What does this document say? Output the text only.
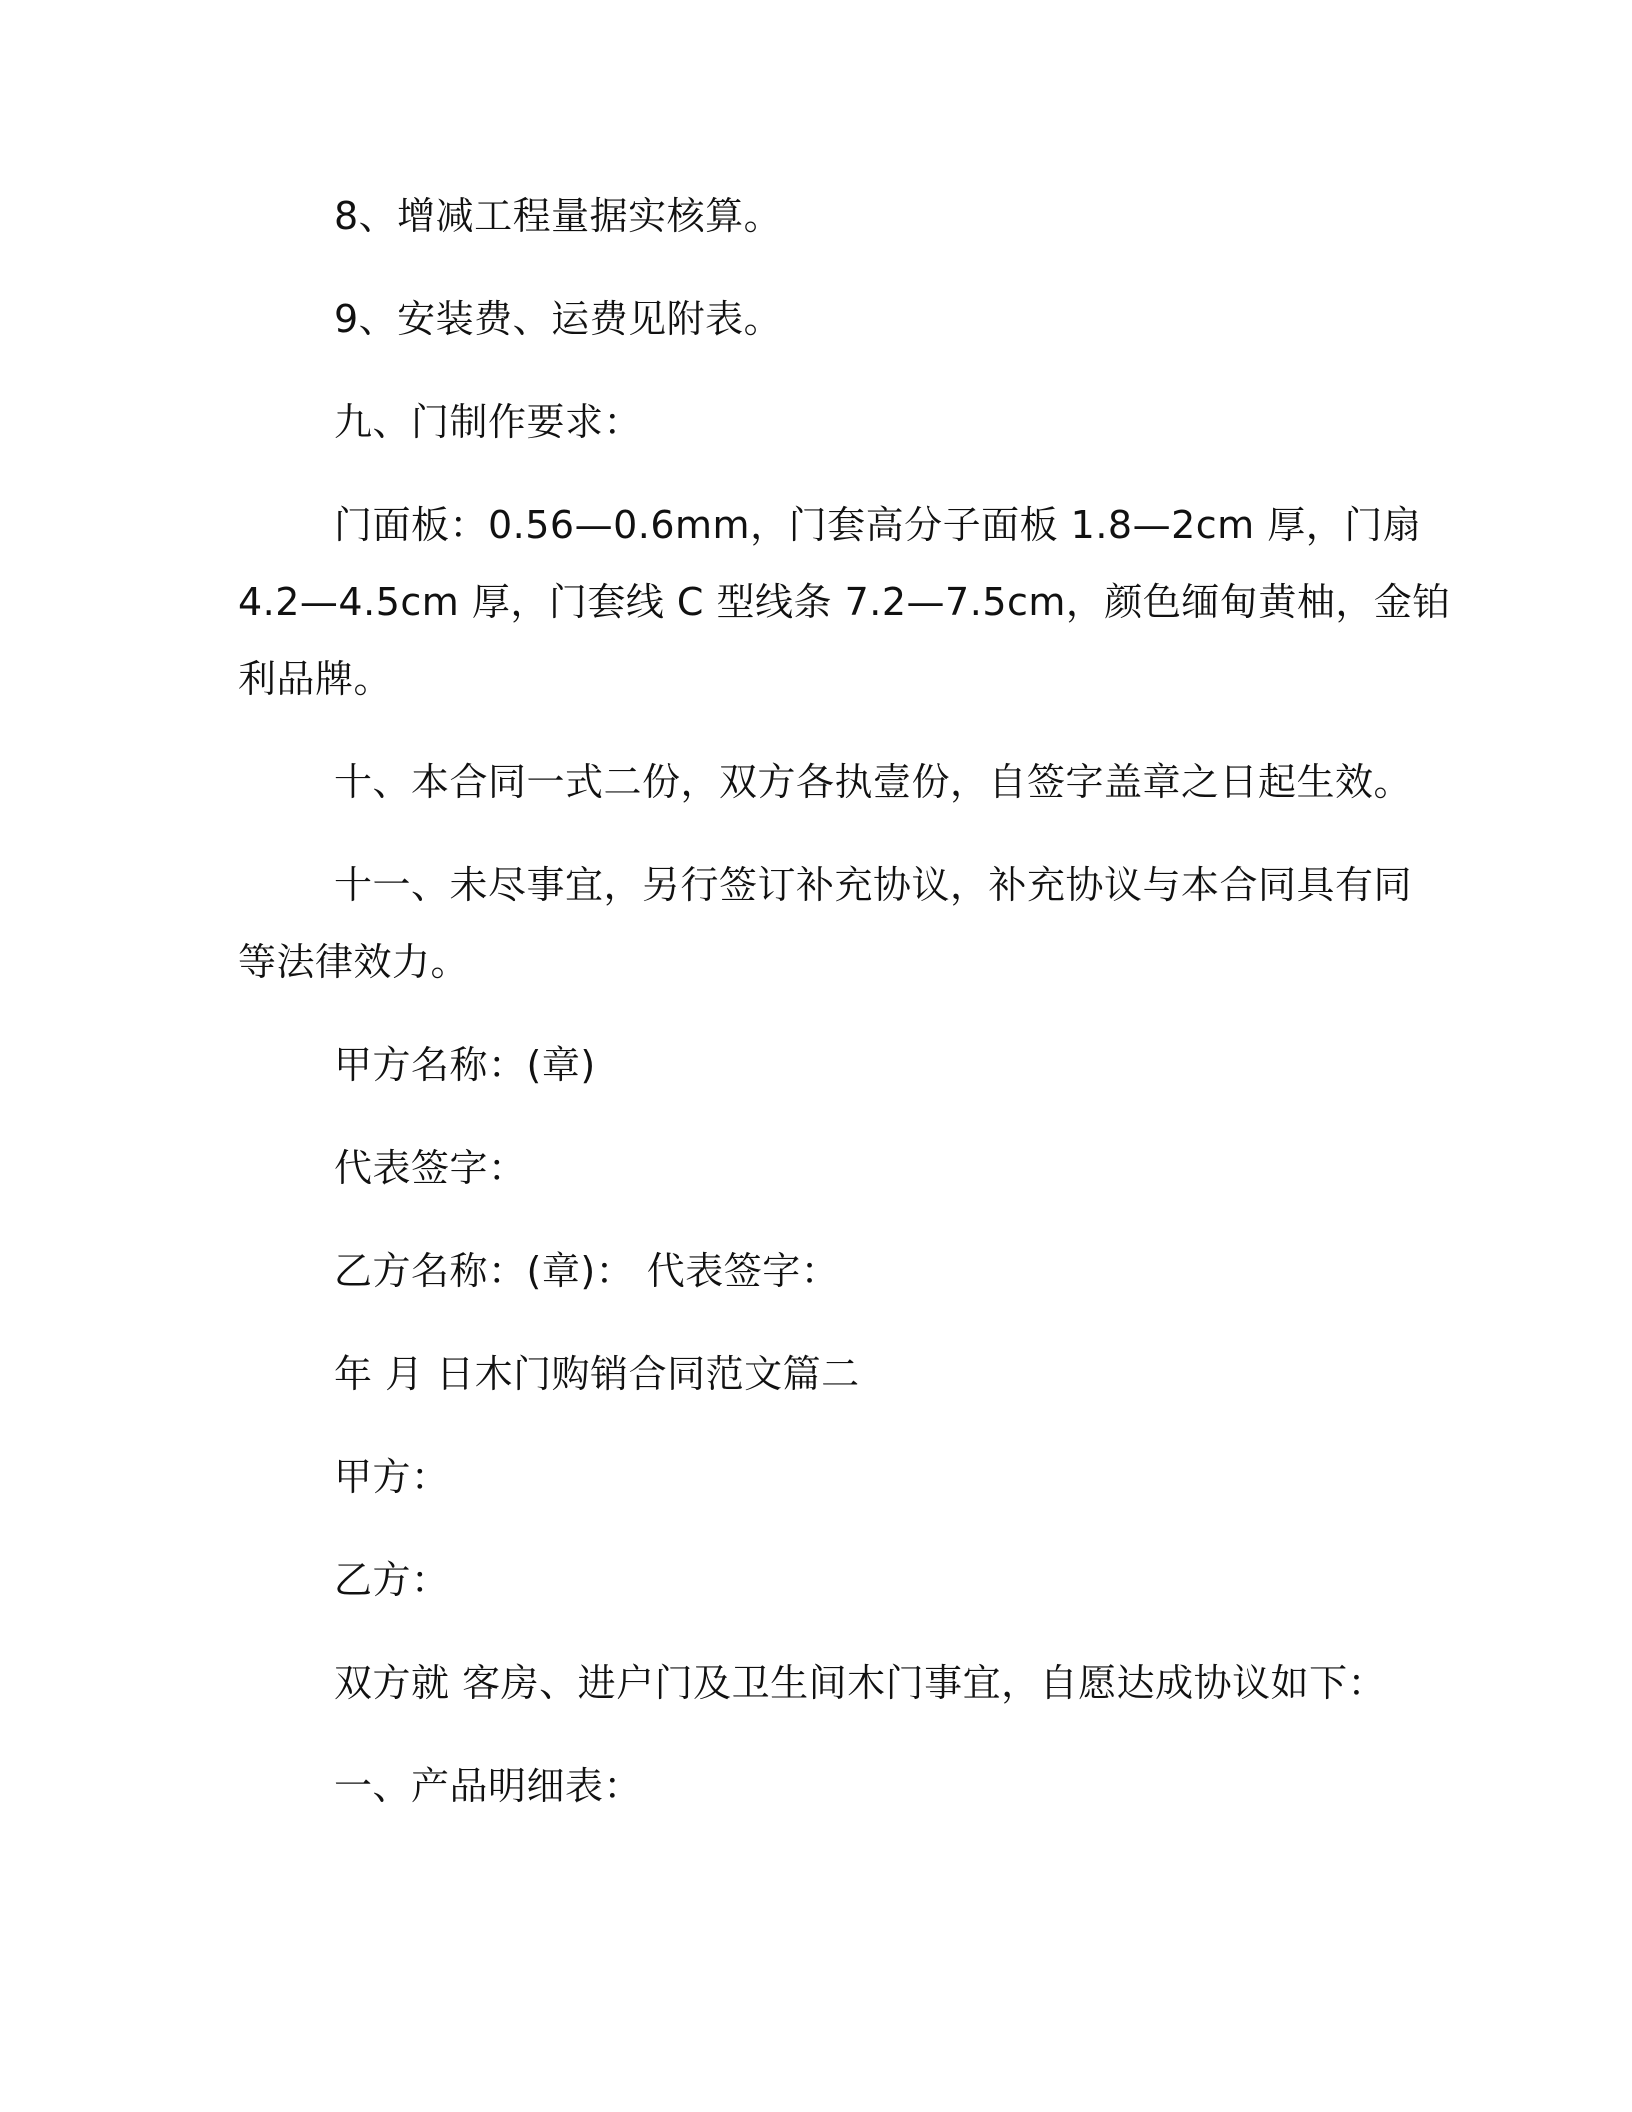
8、增减工程量据实核算。

9、安装费、运费见附表。

九、门制作要求：

门面板：0.56—0.6mm，门套高分子面板 1.8—2cm 厚，门扇
4.2—4.5cm 厚，门套线 C 型线条 7.2—7.5cm，颜色缅甸黄柚，金铂
利品牌。

十、本合同一式二份，双方各执壹份，自签字盖章之日起生效。

十一、未尽事宜，另行签订补充协议，补充协议与本合同具有同
等法律效力。

甲方名称：(章)

代表签字：

乙方名称：(章)： 代表签字：

年 月 日木门购销合同范文篇二

甲方：

乙方：

双方就 客房、进户门及卫生间木门事宜，自愿达成协议如下：

一、产品明细表：
